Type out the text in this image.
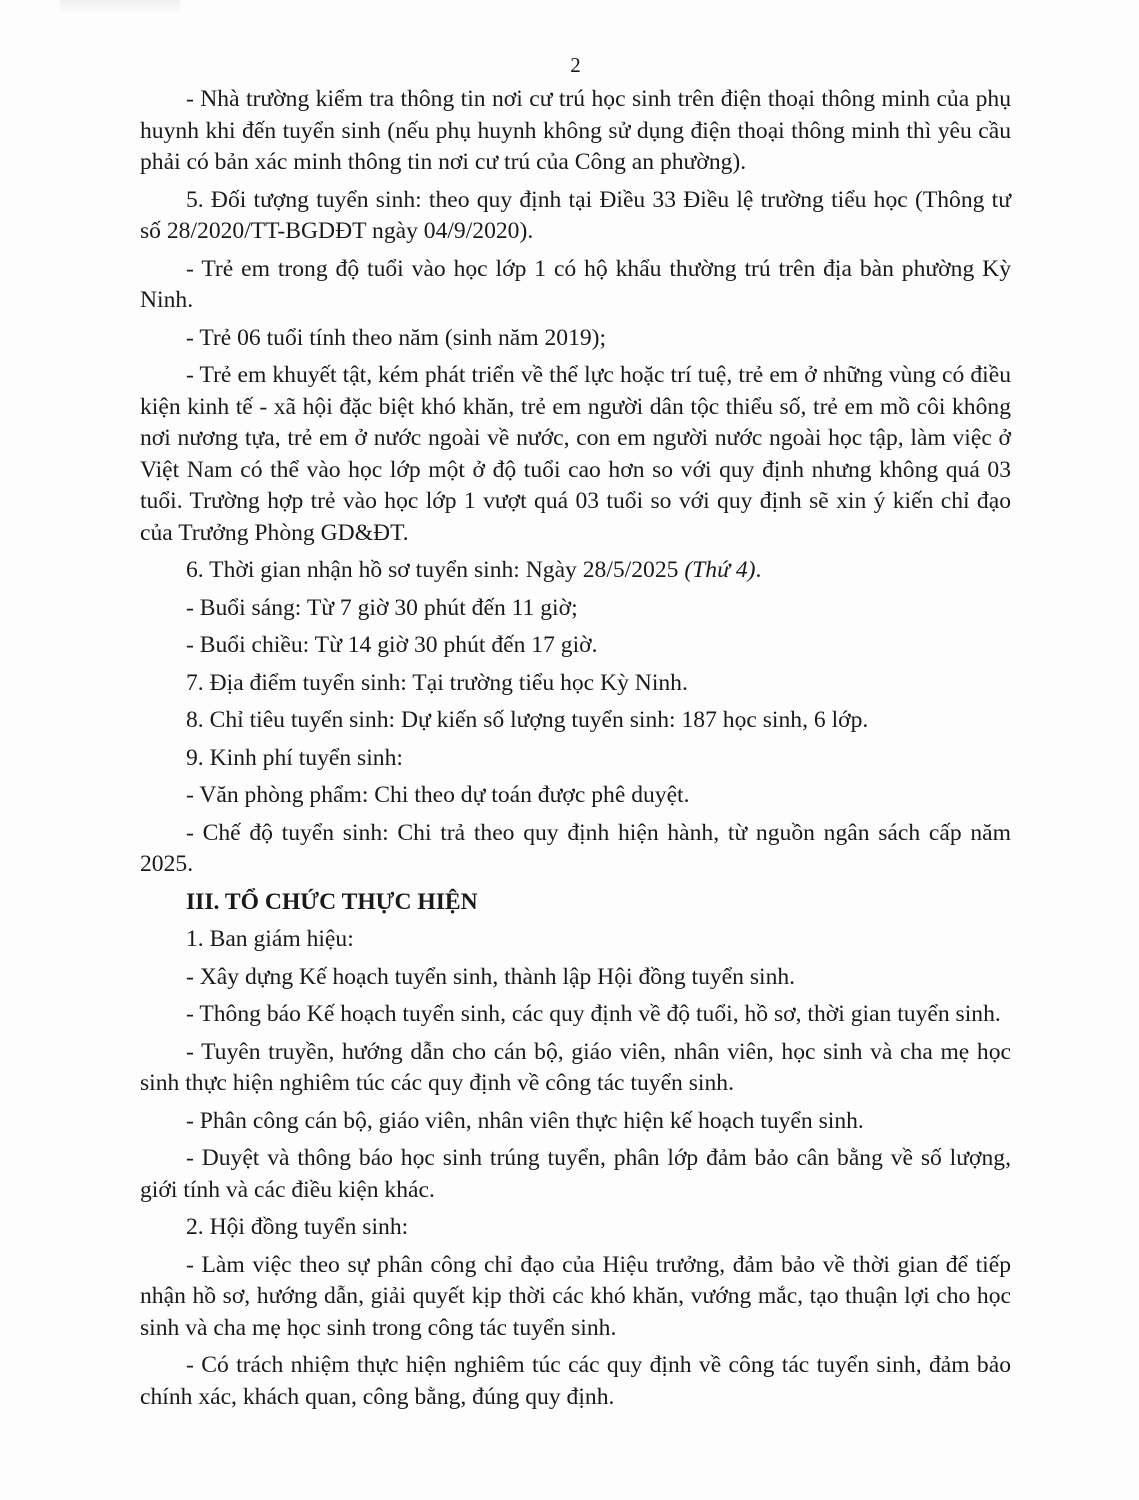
2

- Nhà trường kiểm tra thông tin nơi cư trú học sinh trên điện thoại thông minh của phụ huynh khi đến tuyển sinh (nếu phụ huynh không sử dụng điện thoại thông minh thì yêu cầu phải có bản xác minh thông tin nơi cư trú của Công an phường).

5. Đối tượng tuyển sinh: theo quy định tại Điều 33 Điều lệ trường tiểu học (Thông tư số 28/2020/TT-BGDĐT ngày 04/9/2020).

- Trẻ em trong độ tuổi vào học lớp 1 có hộ khẩu thường trú trên địa bàn phường Kỳ Ninh.

- Trẻ 06 tuổi tính theo năm (sinh năm 2019);

- Trẻ em khuyết tật, kém phát triển về thể lực hoặc trí tuệ, trẻ em ở những vùng có điều kiện kinh tế - xã hội đặc biệt khó khăn, trẻ em người dân tộc thiểu số, trẻ em mồ côi không nơi nương tựa, trẻ em ở nước ngoài về nước, con em người nước ngoài học tập, làm việc ở Việt Nam có thể vào học lớp một ở độ tuổi cao hơn so với quy định nhưng không quá 03 tuổi. Trường hợp trẻ vào học lớp 1 vượt quá 03 tuổi so với quy định sẽ xin ý kiến chỉ đạo của Trưởng Phòng GD&ĐT.

6. Thời gian nhận hồ sơ tuyển sinh: Ngày 28/5/2025 (Thứ 4).

- Buổi sáng: Từ 7 giờ 30 phút đến 11 giờ;

- Buổi chiều: Từ 14 giờ 30 phút đến 17 giờ.

7. Địa điểm tuyển sinh: Tại trường tiểu học Kỳ Ninh.

8. Chỉ tiêu tuyển sinh: Dự kiến số lượng tuyển sinh: 187 học sinh, 6 lớp.

9. Kinh phí tuyển sinh:

- Văn phòng phẩm: Chi theo dự toán được phê duyệt.

- Chế độ tuyển sinh: Chi trả theo quy định hiện hành, từ nguồn ngân sách cấp năm 2025.

III. TỔ CHỨC THỰC HIỆN

1. Ban giám hiệu:

- Xây dựng Kế hoạch tuyển sinh, thành lập Hội đồng tuyển sinh.

- Thông báo Kế hoạch tuyển sinh, các quy định về độ tuổi, hồ sơ, thời gian tuyển sinh.

- Tuyên truyền, hướng dẫn cho cán bộ, giáo viên, nhân viên, học sinh và cha mẹ học sinh thực hiện nghiêm túc các quy định về công tác tuyển sinh.

- Phân công cán bộ, giáo viên, nhân viên thực hiện kế hoạch tuyển sinh.

- Duyệt và thông báo học sinh trúng tuyển, phân lớp đảm bảo cân bằng về số lượng, giới tính và các điều kiện khác.

2. Hội đồng tuyển sinh:

- Làm việc theo sự phân công chỉ đạo của Hiệu trưởng, đảm bảo về thời gian để tiếp nhận hồ sơ, hướng dẫn, giải quyết kịp thời các khó khăn, vướng mắc, tạo thuận lợi cho học sinh và cha mẹ học sinh trong công tác tuyển sinh.

- Có trách nhiệm thực hiện nghiêm túc các quy định về công tác tuyển sinh, đảm bảo chính xác, khách quan, công bằng, đúng quy định.
